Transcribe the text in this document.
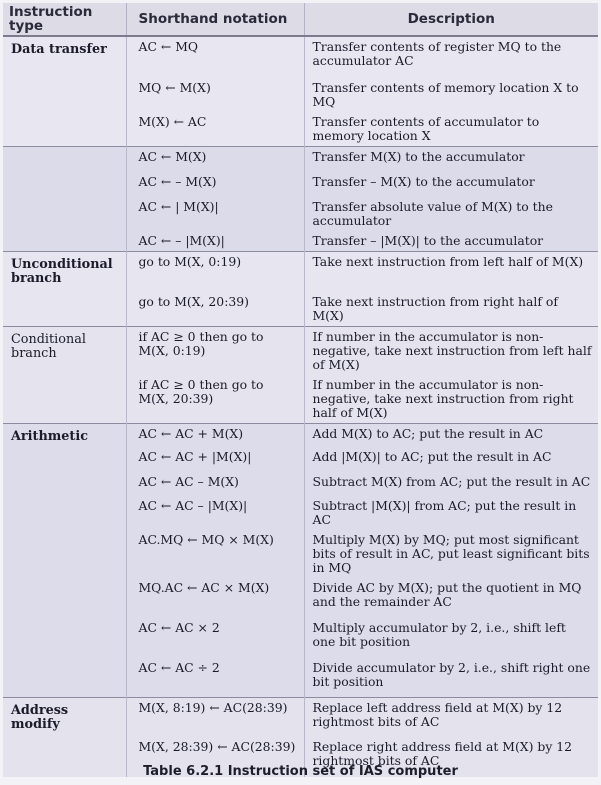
Instruction type	Shorthand notation	Description
Data transfer	AC ← MQ	Transfer contents of register MQ to the accumulator AC
	MQ ← M(X)	Transfer contents of memory location X to MQ
	M(X) ← AC	Transfer contents of accumulator to memory location X
	AC ← M(X)	Transfer M(X) to the accumulator
	AC ← – M(X)	Transfer – M(X) to the accumulator
	AC ← | M(X)|	Transfer absolute value of M(X) to the accumulator
	AC ← – |M(X)|	Transfer – |M(X)| to the accumulator
Unconditional branch	go to M(X, 0:19)	Take next instruction from left half of M(X)
	go to M(X, 20:39)	Take next instruction from right half of M(X)
Conditional branch	if AC ≥ 0 then go to M(X, 0:19)	If number in the accumulator is non-negative, take next instruction from left half of M(X)
	if AC ≥ 0 then go to M(X, 20:39)	If number in the accumulator is non-negative, take next instruction from right half of M(X)
Arithmetic	AC ← AC + M(X)	Add M(X) to AC; put the result in AC
	AC ← AC + |M(X)|	Add |M(X)| to AC; put the result in AC
	AC ← AC – M(X)	Subtract M(X) from AC; put the result in AC
	AC ← AC – |M(X)|	Subtract |M(X)| from AC; put the result in AC
	AC.MQ ← MQ × M(X)	Multiply M(X) by MQ; put most significant bits of result in AC, put least significant bits in MQ
	MQ.AC ← AC × M(X)	Divide AC by M(X); put the quotient in MQ and the remainder AC
	AC ← AC × 2	Multiply accumulator by 2, i.e., shift left one bit position
	AC ← AC ÷ 2	Divide accumulator by 2, i.e., shift right one bit position
Address modify	M(X, 8:19) ← AC(28:39)	Replace left address field at M(X) by 12 rightmost bits of AC
	M(X, 28:39) ← AC(28:39)	Replace right address field at M(X) by 12 rightmost bits of AC
Table 6.2.1 Instruction set of IAS computer
